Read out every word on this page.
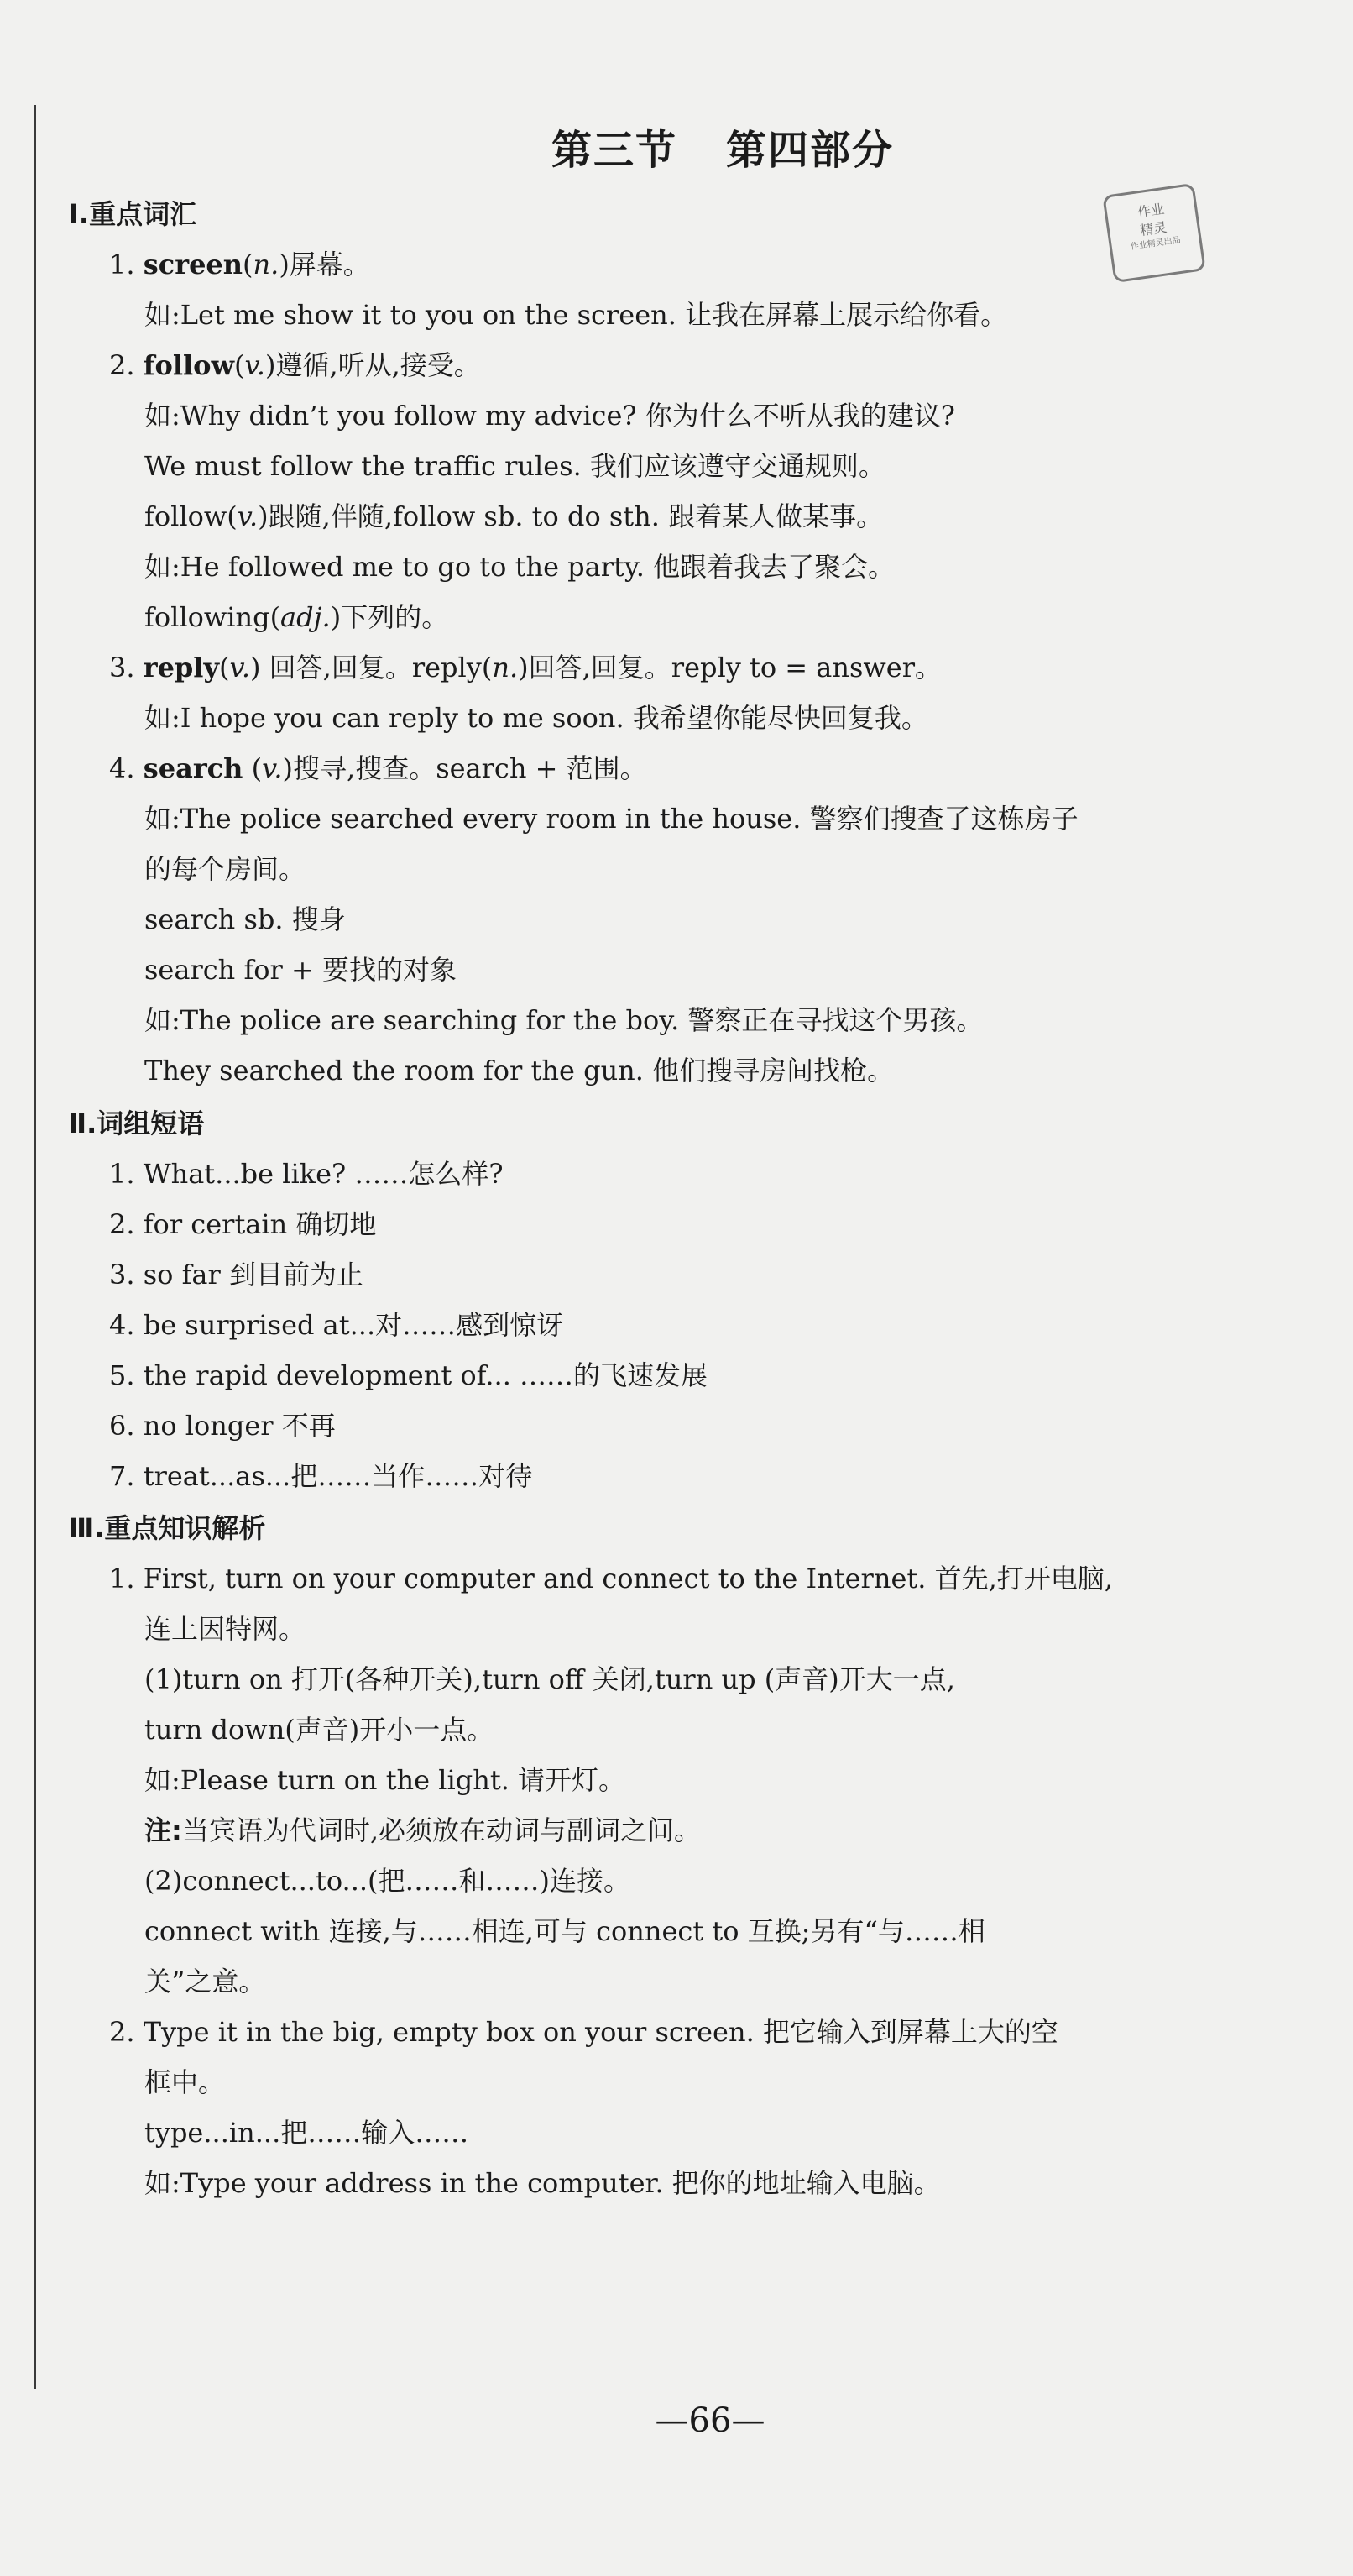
第三节 第四部分
作业
精灵
作业精灵出品
Ⅰ.重点词汇
1. screen(n.)屏幕。
如:Let me show it to you on the screen. 让我在屏幕上展示给你看。
2. follow(v.)遵循,听从,接受。
如:Why didn’t you follow my advice? 你为什么不听从我的建议?
We must follow the traffic rules. 我们应该遵守交通规则。
follow(v.)跟随,伴随,follow sb. to do sth. 跟着某人做某事。
如:He followed me to go to the party. 他跟着我去了聚会。
following(adj.)下列的。
3. reply(v.) 回答,回复。reply(n.)回答,回复。reply to = answer。
如:I hope you can reply to me soon. 我希望你能尽快回复我。
4. search (v.)搜寻,搜查。search + 范围。
如:The police searched every room in the house. 警察们搜查了这栋房子
的每个房间。
search sb. 搜身
search for + 要找的对象
如:The police are searching for the boy. 警察正在寻找这个男孩。
They searched the room for the gun. 他们搜寻房间找枪。
Ⅱ.词组短语
1. What...be like? ……怎么样?
2. for certain 确切地
3. so far 到目前为止
4. be surprised at...对……感到惊讶
5. the rapid development of... ……的飞速发展
6. no longer 不再
7. treat...as...把……当作……对待
Ⅲ.重点知识解析
1. First, turn on your computer and connect to the Internet. 首先,打开电脑,
连上因特网。
(1)turn on 打开(各种开关),turn off 关闭,turn up (声音)开大一点,
turn down(声音)开小一点。
如:Please turn on the light. 请开灯。
注:当宾语为代词时,必须放在动词与副词之间。
(2)connect...to...(把……和……)连接。
connect with 连接,与……相连,可与 connect to 互换;另有“与……相
关”之意。
2. Type it in the big, empty box on your screen. 把它输入到屏幕上大的空
框中。
type...in...把……输入……
如:Type your address in the computer. 把你的地址输入电脑。
—66—
